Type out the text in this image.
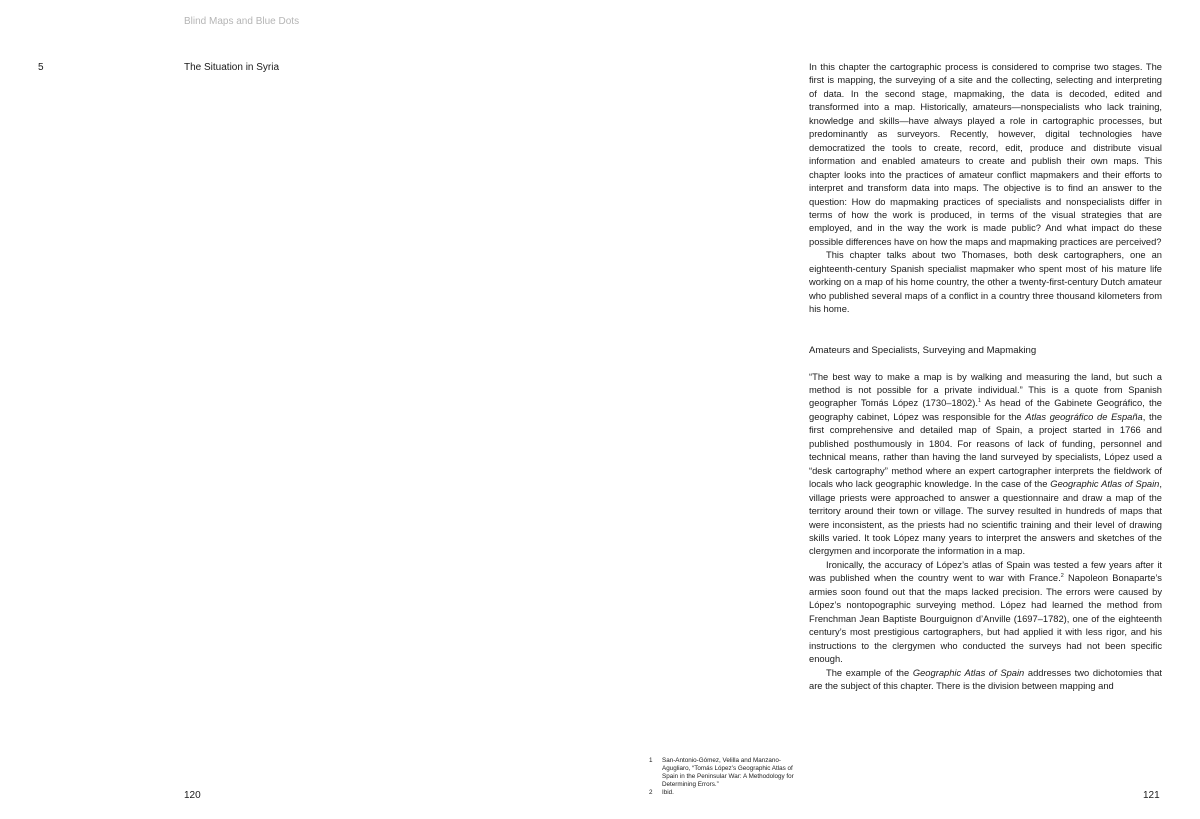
Blind Maps and Blue Dots
5	The Situation in Syria	In this chapter the cartographic process is considered to comprise two stages. The first is mapping, the surveying of a site and the collecting, selecting and interpreting of data. In the second stage, mapmaking, the data is decoded, edited and transformed into a map. Historically, amateurs—nonspecialists who lack training, knowledge and skills—have always played a role in cartographic processes, but predominantly as surveyors. Recently, however, digital technologies have democratized the tools to create, record, edit, produce and distribute visual information and enabled amateurs to create and publish their own maps. This chapter looks into the practices of amateur conflict mapmakers and their efforts to interpret and transform data into maps. The objective is to find an answer to the question: How do mapmaking practices of specialists and nonspecialists differ in terms of how the work is produced, in terms of the visual strategies that are employed, and in the way the work is made public? And what impact do these possible differences have on how the maps and mapmaking practices are perceived?

This chapter talks about two Thomases, both desk cartographers, one an eighteenth-century Spanish specialist mapmaker who spent most of his mature life working on a map of his home country, the other a twenty-first-century Dutch amateur who published several maps of a conflict in a country three thousand kilometers from his home.

Amateurs and Specialists, Surveying and Mapmaking

“The best way to make a map is by walking and measuring the land, but such a method is not possible for a private individual.” This is a quote from Spanish geographer Tomás López (1730–1802).$^1$ As head of the Gabinete Geográfico, the geography cabinet, López was responsible for the Atlas geográfico de España, the first comprehensive and detailed map of Spain, a project started in 1766 and published posthumously in 1804. For reasons of lack of funding, personnel and technical means, rather than having the land surveyed by specialists, López used a “desk cartography” method where an expert cartographer interprets the fieldwork of locals who lack geographic knowledge. In the case of the Geographic Atlas of Spain, village priests were approached to answer a questionnaire and draw a map of the territory around their town or village. The survey resulted in hundreds of maps that were inconsistent, as the priests had no scientific training and their level of drawing skills varied. It took López many years to interpret the answers and sketches of the clergymen and incorporate the information in a map.

Ironically, the accuracy of López’s atlas of Spain was tested a few years after it was published when the country went to war with France.$^2$ Napoleon Bonaparte’s armies soon found out that the maps lacked precision. The errors were caused by López’s nontopographic surveying method. López had learned the method from Frenchman Jean Baptiste Bourguignon d’Anville (1697–1782), one of the eighteenth century’s most prestigious cartographers, but had applied it with less rigor, and his instructions to the clergymen who conducted the surveys had not been specific enough.

The example of the Geographic Atlas of Spain addresses two dichotomies that are the subject of this chapter. There is the division between mapping and

1 San-Antonio-Gómez, Velilla and Manzano-Agugliaro, “Tomás López’s Geographic Atlas of Spain in the Peninsular War: A Methodology for Determining Errors.”
2 Ibid.
120	121
